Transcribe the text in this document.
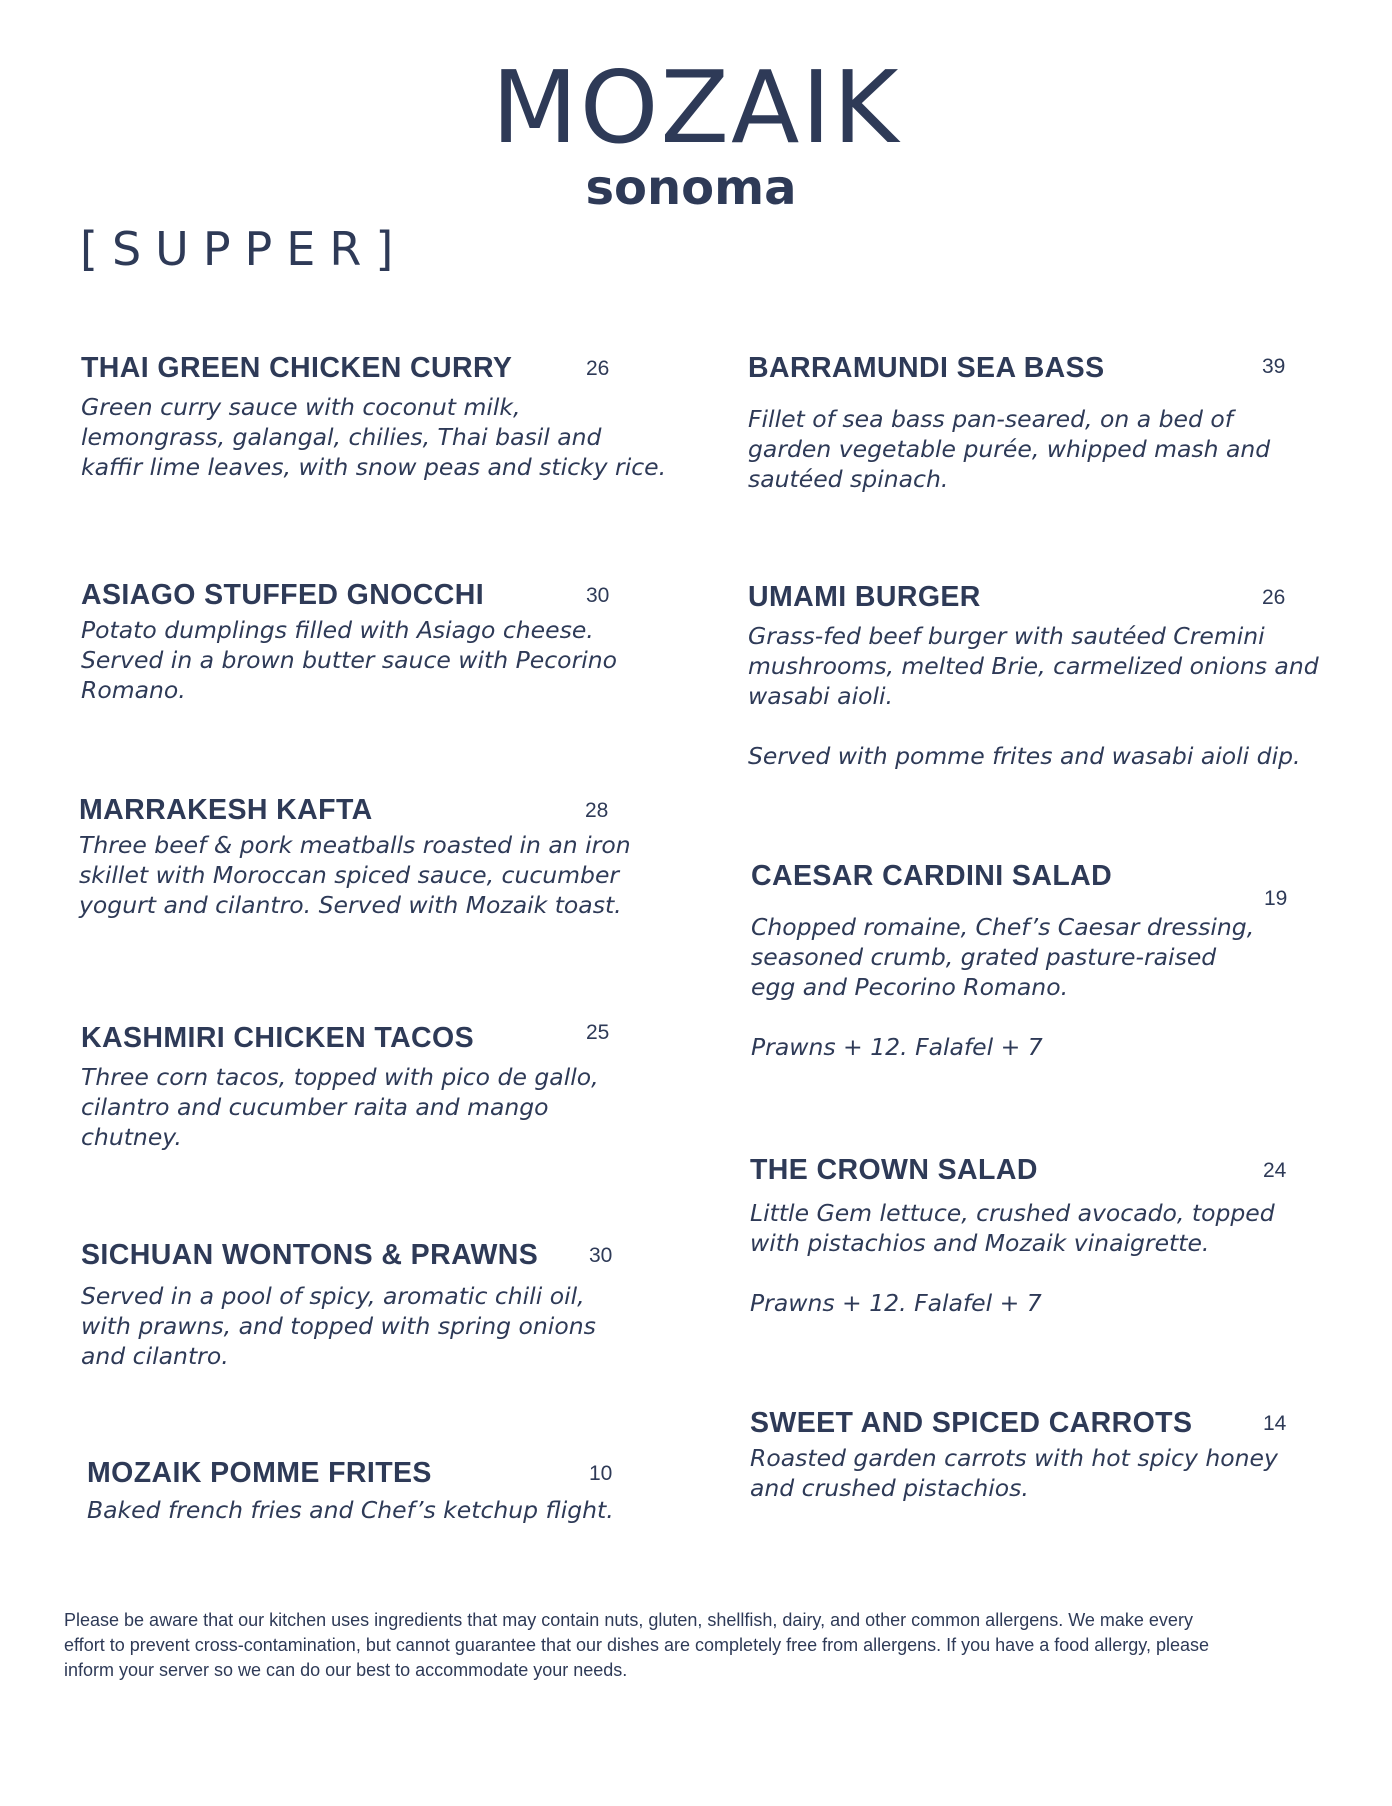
MOZAIK
sonoma
[SUPPER]
THAI GREEN CHICKEN CURRY	26
Green curry sauce with coconut milk,
lemongrass, galangal, chilies, Thai basil and
kaffir lime leaves, with snow peas and sticky rice.
ASIAGO STUFFED GNOCCHI	30
Potato dumplings filled with Asiago cheese.
Served in a brown butter sauce with Pecorino
Romano.
MARRAKESH KAFTA	28
Three beef & pork meatballs roasted in an iron
skillet with Moroccan spiced sauce, cucumber
yogurt and cilantro. Served with Mozaik toast.
KASHMIRI CHICKEN TACOS	25
Three corn tacos, topped with pico de gallo,
cilantro and cucumber raita and mango
chutney.
SICHUAN WONTONS & PRAWNS 30
Served in a pool of spicy, aromatic chili oil,
with prawns, and topped with spring onions
and cilantro.
MOZAIK POMME FRITES	10
Baked french fries and Chef’s ketchup flight.
BARRAMUNDI SEA BASS	39
Fillet of sea bass pan-seared, on a bed of
garden vegetable purée, whipped mash and
sautéed spinach.
UMAMI BURGER	26
Grass-fed beef burger with sautéed Cremini
mushrooms, melted Brie, carmelized onions and
wasabi aioli.
Served with pomme frites and wasabi aioli dip.
CAESAR CARDINI SALAD
19
Chopped romaine, Chef’s Caesar dressing,
seasoned crumb, grated pasture-raised
egg and Pecorino Romano.
Prawns + 12. Falafel + 7
THE CROWN SALAD	24
Little Gem lettuce, crushed avocado, topped
with pistachios and Mozaik vinaigrette.
Prawns + 12. Falafel + 7
SWEET AND SPICED CARROTS	14
Roasted garden carrots with hot spicy honey
and crushed pistachios.
Please be aware that our kitchen uses ingredients that may contain nuts, gluten, shellfish, dairy, and other common allergens. We make every
effort to prevent cross-contamination, but cannot guarantee that our dishes are completely free from allergens. If you have a food allergy, please
inform your server so we can do our best to accommodate your needs.
